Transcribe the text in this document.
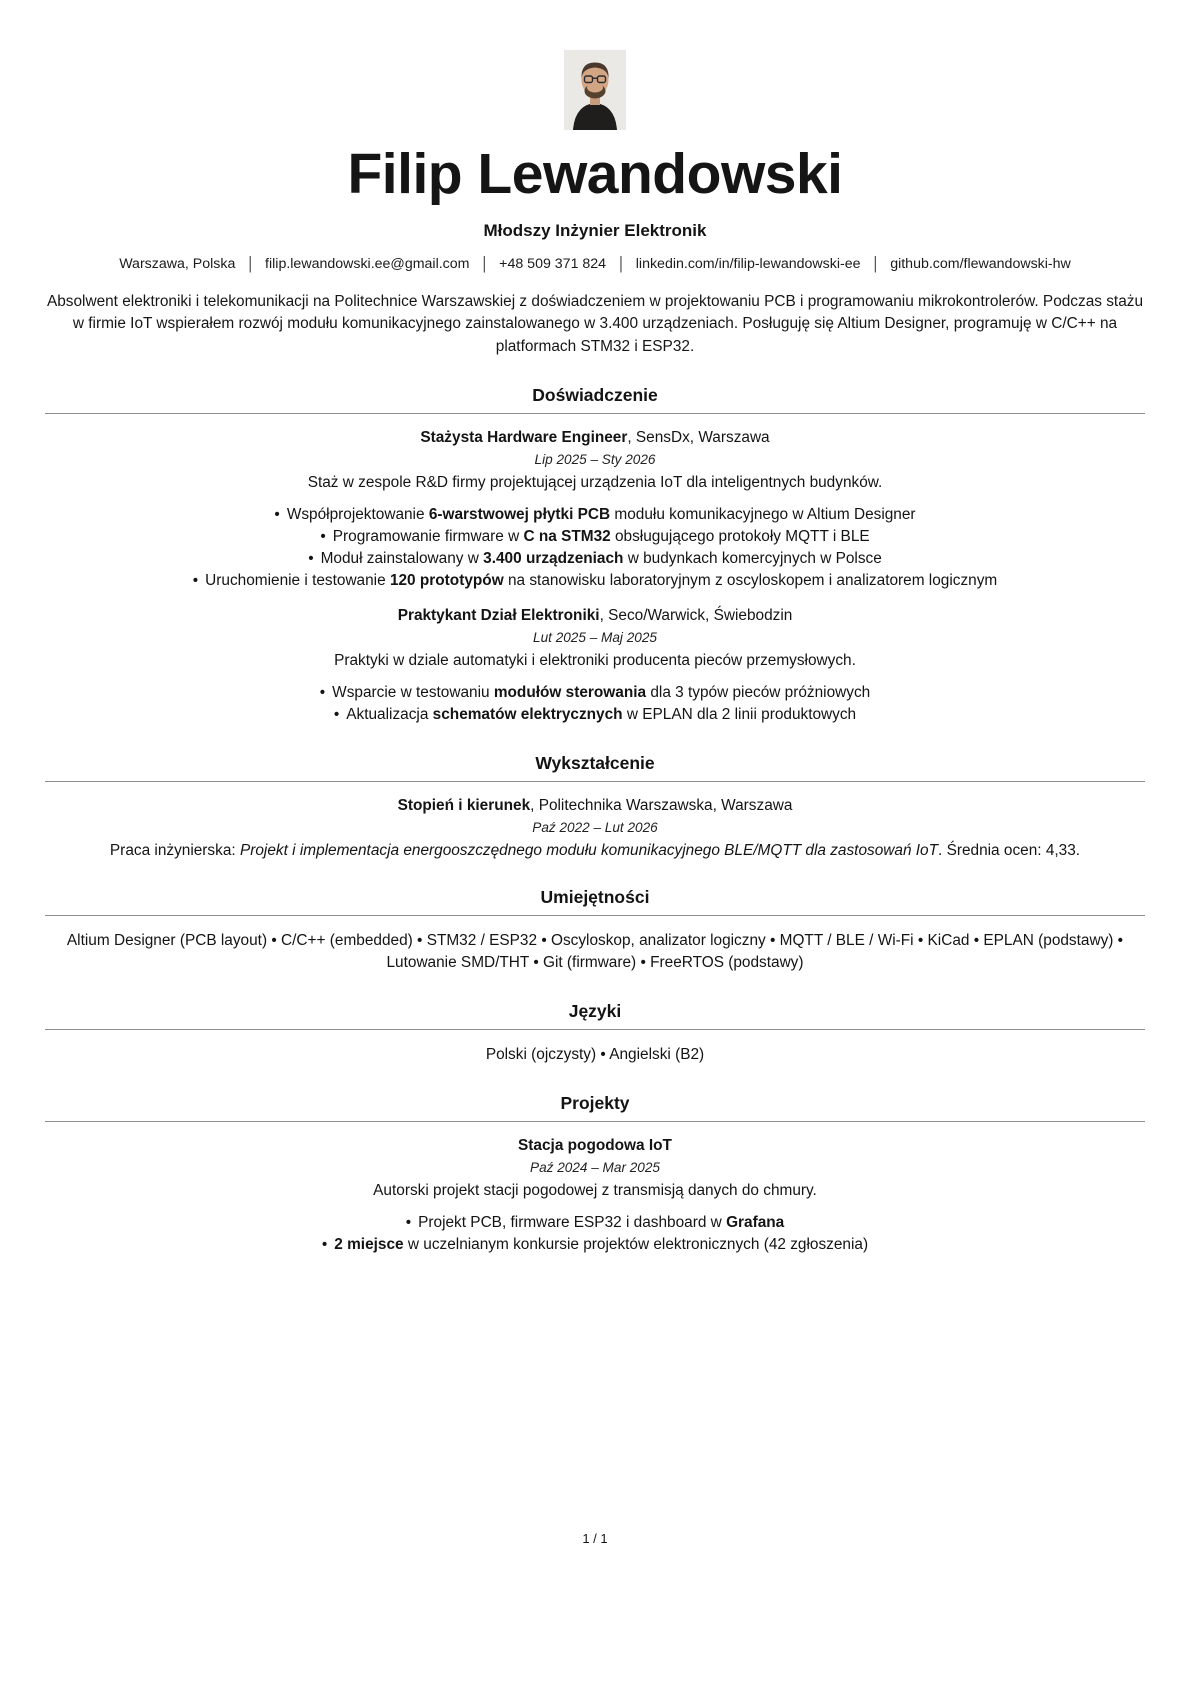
Filip Lewandowski
Młodszy Inżynier Elektronik
Warszawa, Polska | filip.lewandowski.ee@gmail.com | +48 509 371 824 | linkedin.com/in/filip-lewandowski-ee | github.com/flewandowski-hw

Absolwent elektroniki i telekomunikacji na Politechnice Warszawskiej z doświadczeniem w projektowaniu PCB i programowaniu mikrokontrolerów. Podczas stażu w firmie IoT wspierałem rozwój modułu komunikacyjnego zainstalowanego w 3.400 urządzeniach. Posługuję się Altium Designer, programuję w C/C++ na platformach STM32 i ESP32.

Doświadczenie
Stażysta Hardware Engineer, SensDx, Warszawa
Lip 2025 – Sty 2026
Staż w zespole R&D firmy projektującej urządzenia IoT dla inteligentnych budynków.
• Współprojektowanie 6-warstwowej płytki PCB modułu komunikacyjnego w Altium Designer
• Programowanie firmware w C na STM32 obsługującego protokoły MQTT i BLE
• Moduł zainstalowany w 3.400 urządzeniach w budynkach komercyjnych w Polsce
• Uruchomienie i testowanie 120 prototypów na stanowisku laboratoryjnym z oscyloskopem i analizatorem logicznym
Praktykant Dział Elektroniki, Seco/Warwick, Świebodzin
Lut 2025 – Maj 2025
Praktyki w dziale automatyki i elektroniki producenta pieców przemysłowych.
• Wsparcie w testowaniu modułów sterowania dla 3 typów pieców próżniowych
• Aktualizacja schematów elektrycznych w EPLAN dla 2 linii produktowych
Wykształcenie
Stopień i kierunek, Politechnika Warszawska, Warszawa
Paź 2022 – Lut 2026
Praca inżynierska: Projekt i implementacja energooszczędnego modułu komunikacyjnego BLE/MQTT dla zastosowań IoT. Średnia ocen: 4,33.
Umiejętności

Altium Designer (PCB layout) • C/C++ (embedded) • STM32 / ESP32 • Oscyloskop, analizator logiczny • MQTT / BLE / Wi-Fi • KiCad • EPLAN (podstawy) • Lutowanie SMD/THT • Git (firmware) • FreeRTOS (podstawy)

Języki

Polski (ojczysty) • Angielski (B2)

Projekty
Stacja pogodowa IoT
Paź 2024 – Mar 2025
Autorski projekt stacji pogodowej z transmisją danych do chmury.
• Projekt PCB, firmware ESP32 i dashboard w Grafana
• 2 miejsce w uczelnianym konkursie projektów elektronicznych (42 zgłoszenia)
1 / 1
